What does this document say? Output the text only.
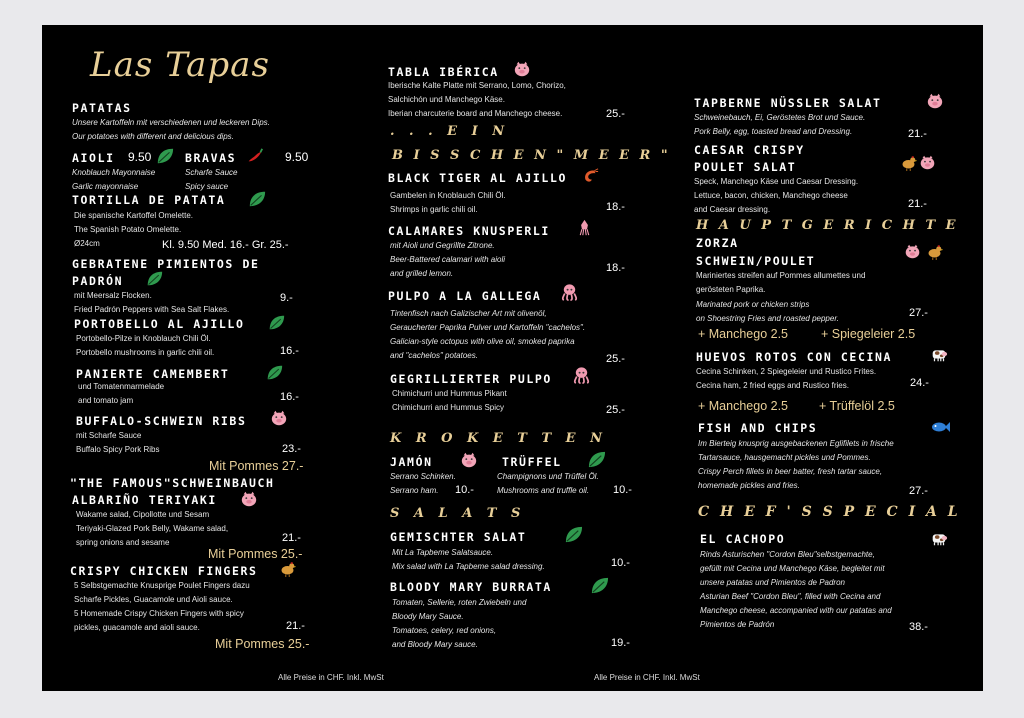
Las Tapas
PATATAS
Unsere Kartoffeln mit verschiedenen und leckeren Dips.
Our potatoes with different and delicious dips.
AIOLI 9.50
Knoblauch Mayonnaise
Garlic mayonnaise
BRAVAS	9.50
Scharfe Sauce
Spicy sauce
TORTILLA DE PATATA
Die spanische Kartoffel Omelette.
The Spanish Potato Omelette.
Ø24cm	Kl. 9.50 Med. 16.- Gr. 25.-
GEBRATENE PIMIENTOS DE
PADRÓN
mit Meersalz Flocken.
Fried Padrón Peppers with Sea Salt Flakes.
9.-
PORTOBELLO AL AJILLO
Portobello-Pilze in Knoblauch Chili Öl.
Portobello mushrooms in garlic chili oil.	16.-
PANIERTE CAMEMBERT
und Tomatenmarmelade
and tomato jam	16.-
BUFFALO-SCHWEIN RIBS
mit Scharfe Sauce
Buffalo Spicy Pork Ribs	23.-
Mit Pommes 27.-
"THE FAMOUS"SCHWEINBAUCH
ALBARIÑO TERIYAKI
Wakame salad, Cipollotte und Sesam
Teriyaki-Glazed Pork Belly, Wakame salad,
spring onions and sesame	21.-
Mit Pommes 25.-
CRISPY CHICKEN FINGERS
5 Selbstgemachte Knusprige Poulet Fingers dazu
Scharfe Pickles, Guacamole und Aioli sauce.
5 Homemade Crispy Chicken Fingers with spicy
pickles, guacamole and aioli sauce.	21.-
Mit Pommes 25.-
Alle Preise in CHF. Inkl. MwSt
TABLA IBÉRICA
Iberische Kalte Platte mit Serrano, Lomo, Chorizo,
Salchichón und Manchego Käse.
Iberian charcuterie board and Manchego cheese.	25.-
. . . E I N
B I S S C H E N " M E E R "
BLACK TIGER AL AJILLO
Gambelen in Knoblauch Chili Öl.
Shrimps in garlic chili oil.	18.-
CALAMARES KNUSPERLI
mit Aioli und Gegrillte Zitrone.
Beer-Battered calamari with aioli
and grilled lemon.	18.-
PULPO A LA GALLEGA
Tintenfisch nach Galizischer Art mit olivenöl,
Geraucherter Paprika Pulver und Kartoffeln "cachelos".
Galician-style octopus with olive oil, smoked paprika
and "cachelos" potatoes.	25.-
GEGRILLIERTER PULPO
Chimichurri und Hummus Pikant
Chimichurri and Hummus Spicy	25.-
K R O K E T T E N
JAMÓN
Serrano Schinken.
Serrano ham. 10.-
TRÜFFEL
Champignons und Trüffel Öl.
Mushrooms and truffle oil. 10.-
S A L A T S
GEMISCHTER SALAT
Mit La Tapbeme Salatsauce.
Mix salad with La Tapbeme salad dressing.	10.-
BLOODY MARY BURRATA
Tomaten, Sellerie, roten Zwiebeln und
Bloody Mary Sauce.
Tomatoes, celery, red onions,
and Bloody Mary sauce.	19.-
Alle Preise in CHF. Inkl. MwSt
TAPBERNE NÜSSLER SALAT
Schweinebauch, Ei, Geröstetes Brot und Sauce.
Pork Belly, egg, toasted bread and Dressing.	21.-
CAESAR CRISPY
POULET SALAT
Speck, Manchego Käse und Caesar Dressing.
Lettuce, bacon, chicken, Manchego cheese
and Caesar dressing.	21.-
H A U P T G E R I C H T E
ZORZA
SCHWEIN/POULET
Mariniertes streifen auf Pommes allumettes und
gerösteten Paprika.
Marinated pork or chicken strips
on Shoestring Fries and roasted pepper.	27.-
+ Manchego 2.5	+ Spiegeleier 2.5
HUEVOS ROTOS CON CECINA
Cecina Schinken, 2 Spiegeleier und Rustico Frites.
Cecina ham, 2 fried eggs and Rustico fries.	24.-
+ Manchego 2.5 + Trüffelöl 2.5
FISH AND CHIPS
Im Bierteig knusprig ausgebackenen Eglifilets in frische
Tartarsauce, hausgemacht pickles und Pommes.
Crispy Perch fillets in beer batter, fresh tartar sauce,
homemade pickles and fries.	27.-
C H E F ' S S P E C I A L
EL CACHOPO
Rinds Asturischen "Cordon Bleu"selbstgemachte,
gefüllt mit Cecina und Manchego Käse, begleitet mit
unsere patatas und Pimientos de Padron
Asturian Beef "Cordon Bleu", filled with Cecina and
Manchego cheese, accompanied with our patatas and
Pimientos de Padrón	38.-
